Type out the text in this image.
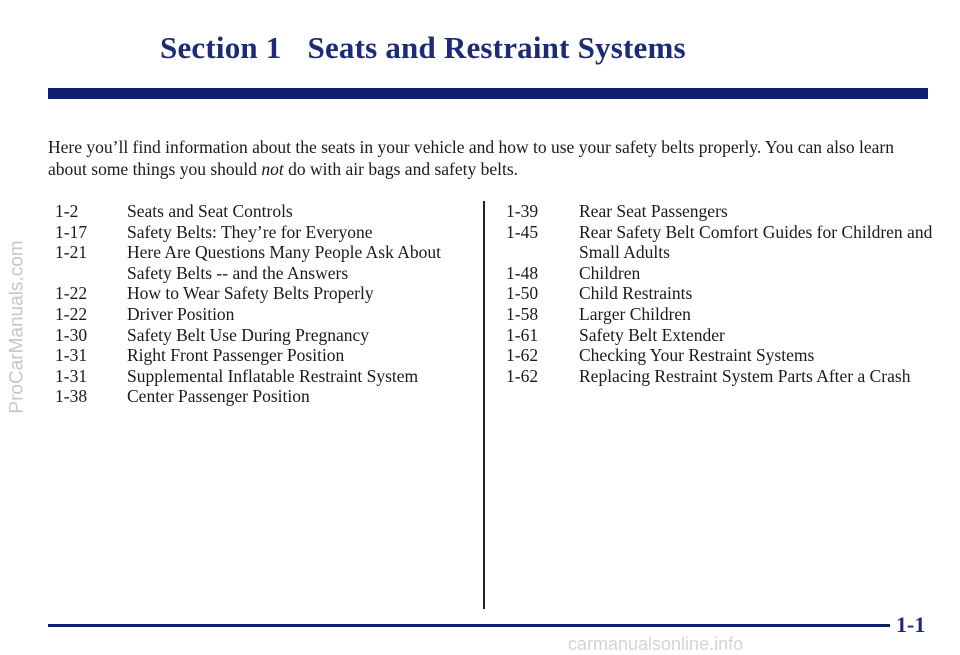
Section 1 Seats and Restraint Systems

Here you’ll find information about the seats in your vehicle and how to use your safety belts properly. You can also learn about some things you should not do with air bags and safety belts.

1-2	Seats and Seat Controls
1-17	Safety Belts: They’re for Everyone
1-21	Here Are Questions Many People Ask About Safety Belts -- and the Answers
1-22	How to Wear Safety Belts Properly
1-22	Driver Position
1-30	Safety Belt Use During Pregnancy
1-31	Right Front Passenger Position
1-31	Supplemental Inflatable Restraint System
1-38	Center Passenger Position
1-39	Rear Seat Passengers
1-45	Rear Safety Belt Comfort Guides for Children and Small Adults
1-48	Children
1-50	Child Restraints
1-58	Larger Children
1-61	Safety Belt Extender
1-62	Checking Your Restraint Systems
1-62	Replacing Restraint System Parts After a Crash
1-1
ProCarManuals.com
carmanualsonline.info
